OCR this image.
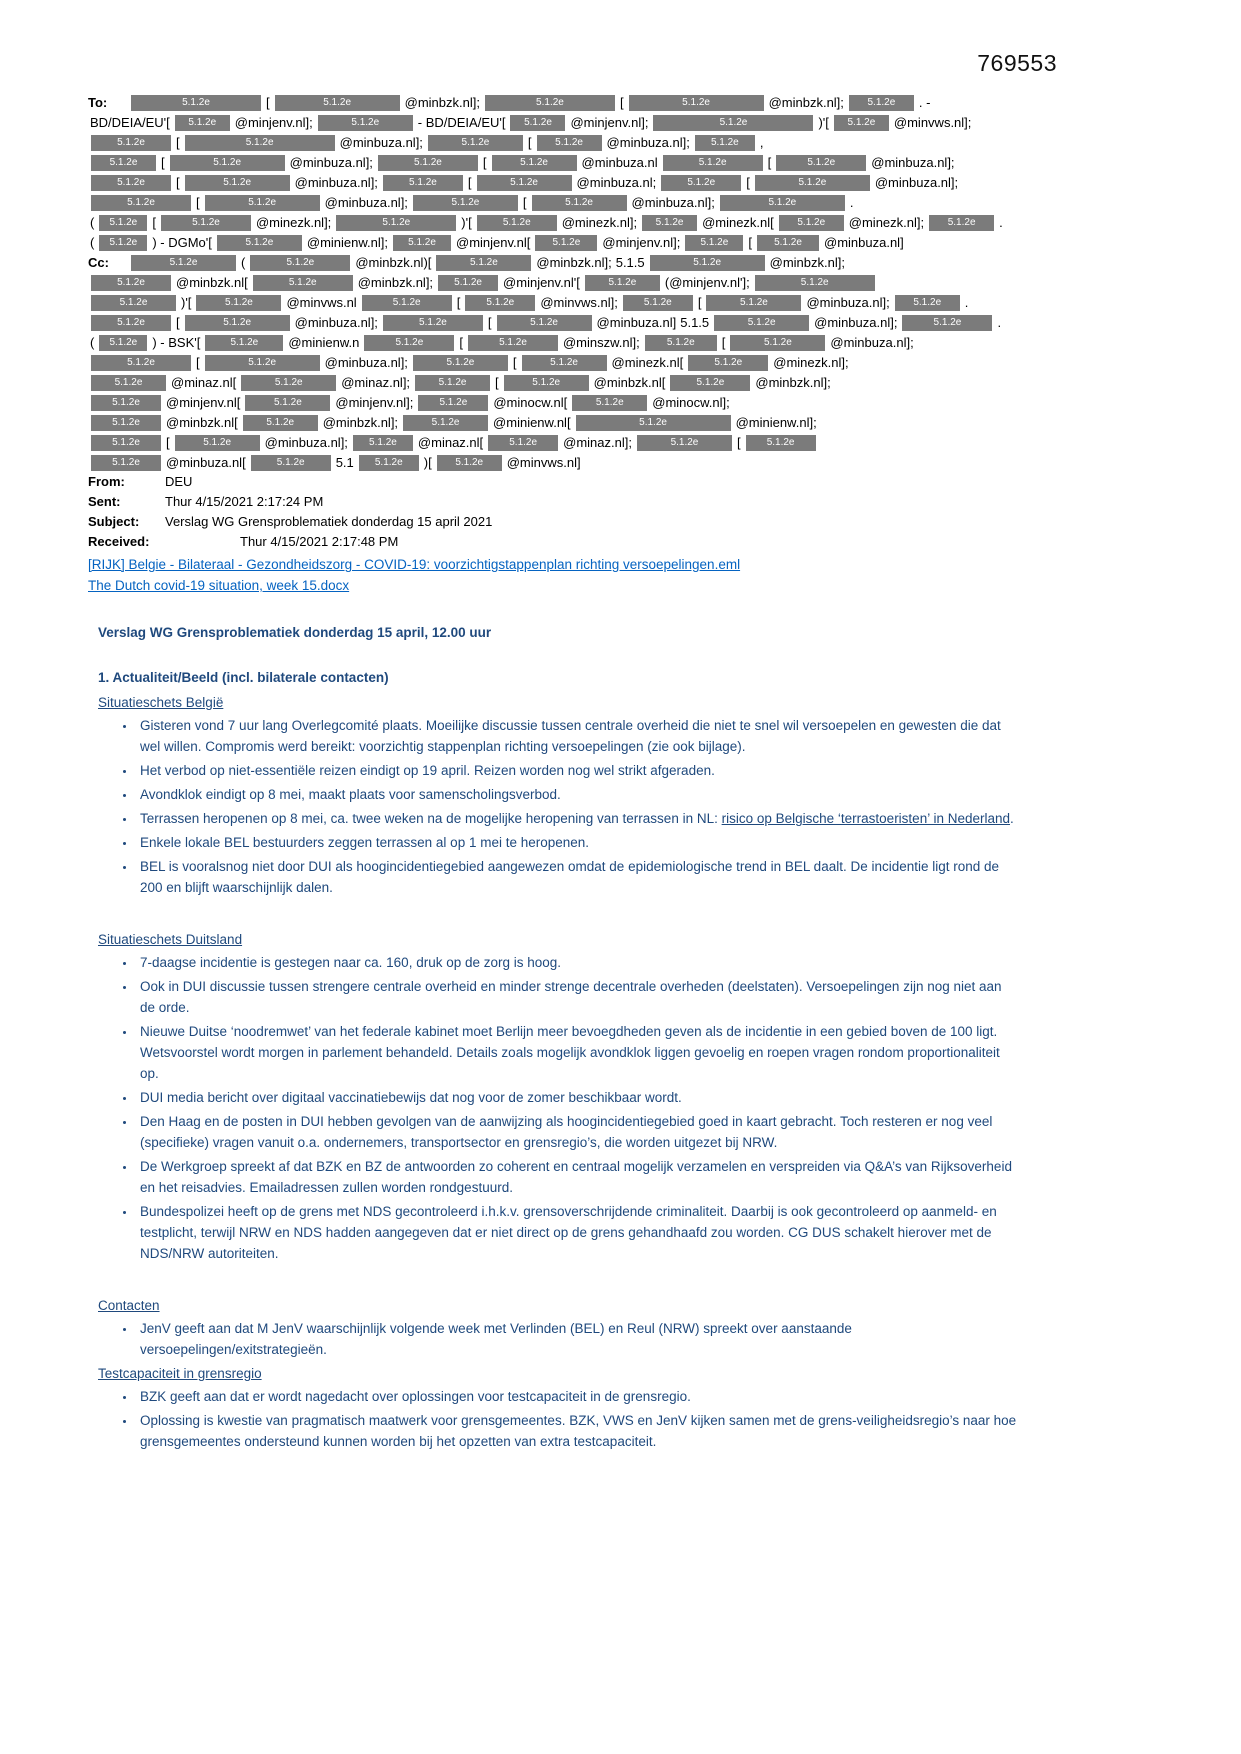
769553
To:	5.1.2e	[	5.1.2e	@minbzk.nl];	5.1.2e	[	5.1.2e	@minbzk.nl]; 5.1.2e . -
BD/DEIA/EU'[ 5.1.2e @minjenv.nl];	5.1.2e	- BD/DEIA/EU'[ 5.1.2e @minjenv.nl];	5.1.2e	)'[ 5.1.2e @minvws.nl];
5.1.2e [	5.1.2e	@minbuza.nl];	5.1.2e	[ 5.1.2e @minbuza.nl]; 5.1.2e ,
5.1.2e [	5.1.2e	@minbuza.nl];	5.1.2e	[	5.1.2e	@minbuza.nl	5.1.2e	[	5.1.2e	@minbuza.nl];
5.1.2e [	5.1.2e	@minbuza.nl];	5.1.2e [	5.1.2e	@minbuza.nl;	5.1.2e [	5.1.2e	@minbuza.nl];
5.1.2e	[	5.1.2e	@minbuza.nl];	5.1.2e	[	5.1.2e	@minbuza.nl];	5.1.2e	.
( 5.1.2e [	5.1.2e	@minezk.nl];	5.1.2e	)'[	5.1.2e @minezk.nl]; 5.1.2e @minezk.nl[ 5.1.2e @minezk.nl]; 5.1.2e .
( 5.1.2e ) - DGMo'[	5.1.2e	@minienw.nl]; 5.1.2e @minjenv.nl[ 5.1.2e @minjenv.nl]; 5.1.2e [ 5.1.2e @minbuza.nl]
Cc:	5.1.2e	(	5.1.2e	@minbzk.nl)[	5.1.2e	@minbzk.nl]; 5.1.5	5.1.2e	@minbzk.nl];
5.1.2e @minbzk.nl[	5.1.2e	@minbzk.nl]; 5.1.2e @minjenv.nl'[	5.1.2e (@minjenv.nl'];	5.1.2e
5.1.2e	)'[	5.1.2e	@minvws.nl	5.1.2e	[	5.1.2e @minvws.nl];	5.1.2e [	5.1.2e	@minbuza.nl]; 5.1.2e .
5.1.2e [	5.1.2e	@minbuza.nl];	5.1.2e	[	5.1.2e	@minbuza.nl] 5.1.5	5.1.2e	@minbuza.nl];	5.1.2e	.
( 5.1.2e ) - BSK'[	5.1.2e @minienw.n	5.1.2e	[	5.1.2e	@minszw.nl];	5.1.2e [	5.1.2e	@minbuza.nl];
5.1.2e	[	5.1.2e	@minbuza.nl];	5.1.2e	[	5.1.2e	@minezk.nl[	5.1.2e @minezk.nl];
5.1.2e @minaz.nl[	5.1.2e	@minaz.nl];	5.1.2e [	5.1.2e	@minbzk.nl[	5.1.2e @minbzk.nl];
5.1.2e @minjenv.nl[	5.1.2e	@minjenv.nl];	5.1.2e @minocw.nl[	5.1.2e @minocw.nl];
5.1.2e @minbzk.nl[	5.1.2e @minbzk.nl];	5.1.2e	@minienw.nl[	5.1.2e	@minienw.nl];
5.1.2e [	5.1.2e	@minbuza.nl]; 5.1.2e @minaz.nl[	5.1.2e @minaz.nl];	5.1.2e	[	5.1.2e
5.1.2e @minbuza.nl[	5.1.2e 5.1 5.1.2e )[ 5.1.2e @minvws.nl]
From:	DEU
Sent:	Thur 4/15/2021 2:17:24 PM
Subject:	Verslag WG Grensproblematiek donderdag 15 april 2021
Received:	Thur 4/15/2021 2:17:48 PM
[RIJK] Belgie - Bilateraal - Gezondheidszorg - COVID-19: voorzichtigstappenplan richting versoepelingen.eml
The Dutch covid-19 situation, week 15.docx
Verslag WG Grensproblematiek donderdag 15 april, 12.00 uur
1. Actualiteit/Beeld (incl. bilaterale contacten)
Situatieschets België
• Gisteren vond 7 uur lang Overlegcomité plaats. Moeilijke discussie tussen centrale overheid die niet te snel wil versoepelen en gewesten die dat wel willen. Compromis werd bereikt: voorzichtig stappenplan richting versoepelingen (zie ook bijlage).
• Het verbod op niet-essentiële reizen eindigt op 19 april. Reizen worden nog wel strikt afgeraden.
• Avondklok eindigt op 8 mei, maakt plaats voor samenscholingsverbod.
• Terrassen heropenen op 8 mei, ca. twee weken na de mogelijke heropening van terrassen in NL: risico op Belgische ‘terrastoeristen’ in Nederland.
• Enkele lokale BEL bestuurders zeggen terrassen al op 1 mei te heropenen.
• BEL is vooralsnog niet door DUI als hoogincidentiegebied aangewezen omdat de epidemiologische trend in BEL daalt. De incidentie ligt rond de 200 en blijft waarschijnlijk dalen.
Situatieschets Duitsland
• 7-daagse incidentie is gestegen naar ca. 160, druk op de zorg is hoog.
• Ook in DUI discussie tussen strengere centrale overheid en minder strenge decentrale overheden (deelstaten). Versoepelingen zijn nog niet aan de orde.
• Nieuwe Duitse ‘noodremwet’ van het federale kabinet moet Berlijn meer bevoegdheden geven als de incidentie in een gebied boven de 100 ligt. Wetsvoorstel wordt morgen in parlement behandeld. Details zoals mogelijk avondklok liggen gevoelig en roepen vragen rondom proportionaliteit op.
• DUI media bericht over digitaal vaccinatiebewijs dat nog voor de zomer beschikbaar wordt.
• Den Haag en de posten in DUI hebben gevolgen van de aanwijzing als hoogincidentiegebied goed in kaart gebracht. Toch resteren er nog veel (specifieke) vragen vanuit o.a. ondernemers, transportsector en grensregio’s, die worden uitgezet bij NRW.
• De Werkgroep spreekt af dat BZK en BZ de antwoorden zo coherent en centraal mogelijk verzamelen en verspreiden via Q&A’s van Rijksoverheid en het reisadvies. Emailadressen zullen worden rondgestuurd.
• Bundespolizei heeft op de grens met NDS gecontroleerd i.h.k.v. grensoverschrijdende criminaliteit. Daarbij is ook gecontroleerd op aanmeld- en testplicht, terwijl NRW en NDS hadden aangegeven dat er niet direct op de grens gehandhaafd zou worden. CG DUS schakelt hierover met de NDS/NRW autoriteiten.
Contacten
• JenV geeft aan dat M JenV waarschijnlijk volgende week met Verlinden (BEL) en Reul (NRW) spreekt over aanstaande versoepelingen/exitstrategieën.
Testcapaciteit in grensregio
• BZK geeft aan dat er wordt nagedacht over oplossingen voor testcapaciteit in de grensregio.
• Oplossing is kwestie van pragmatisch maatwerk voor grensgemeentes. BZK, VWS en JenV kijken samen met de grens-veiligheidsregio’s naar hoe grensgemeentes ondersteund kunnen worden bij het opzetten van extra testcapaciteit.
